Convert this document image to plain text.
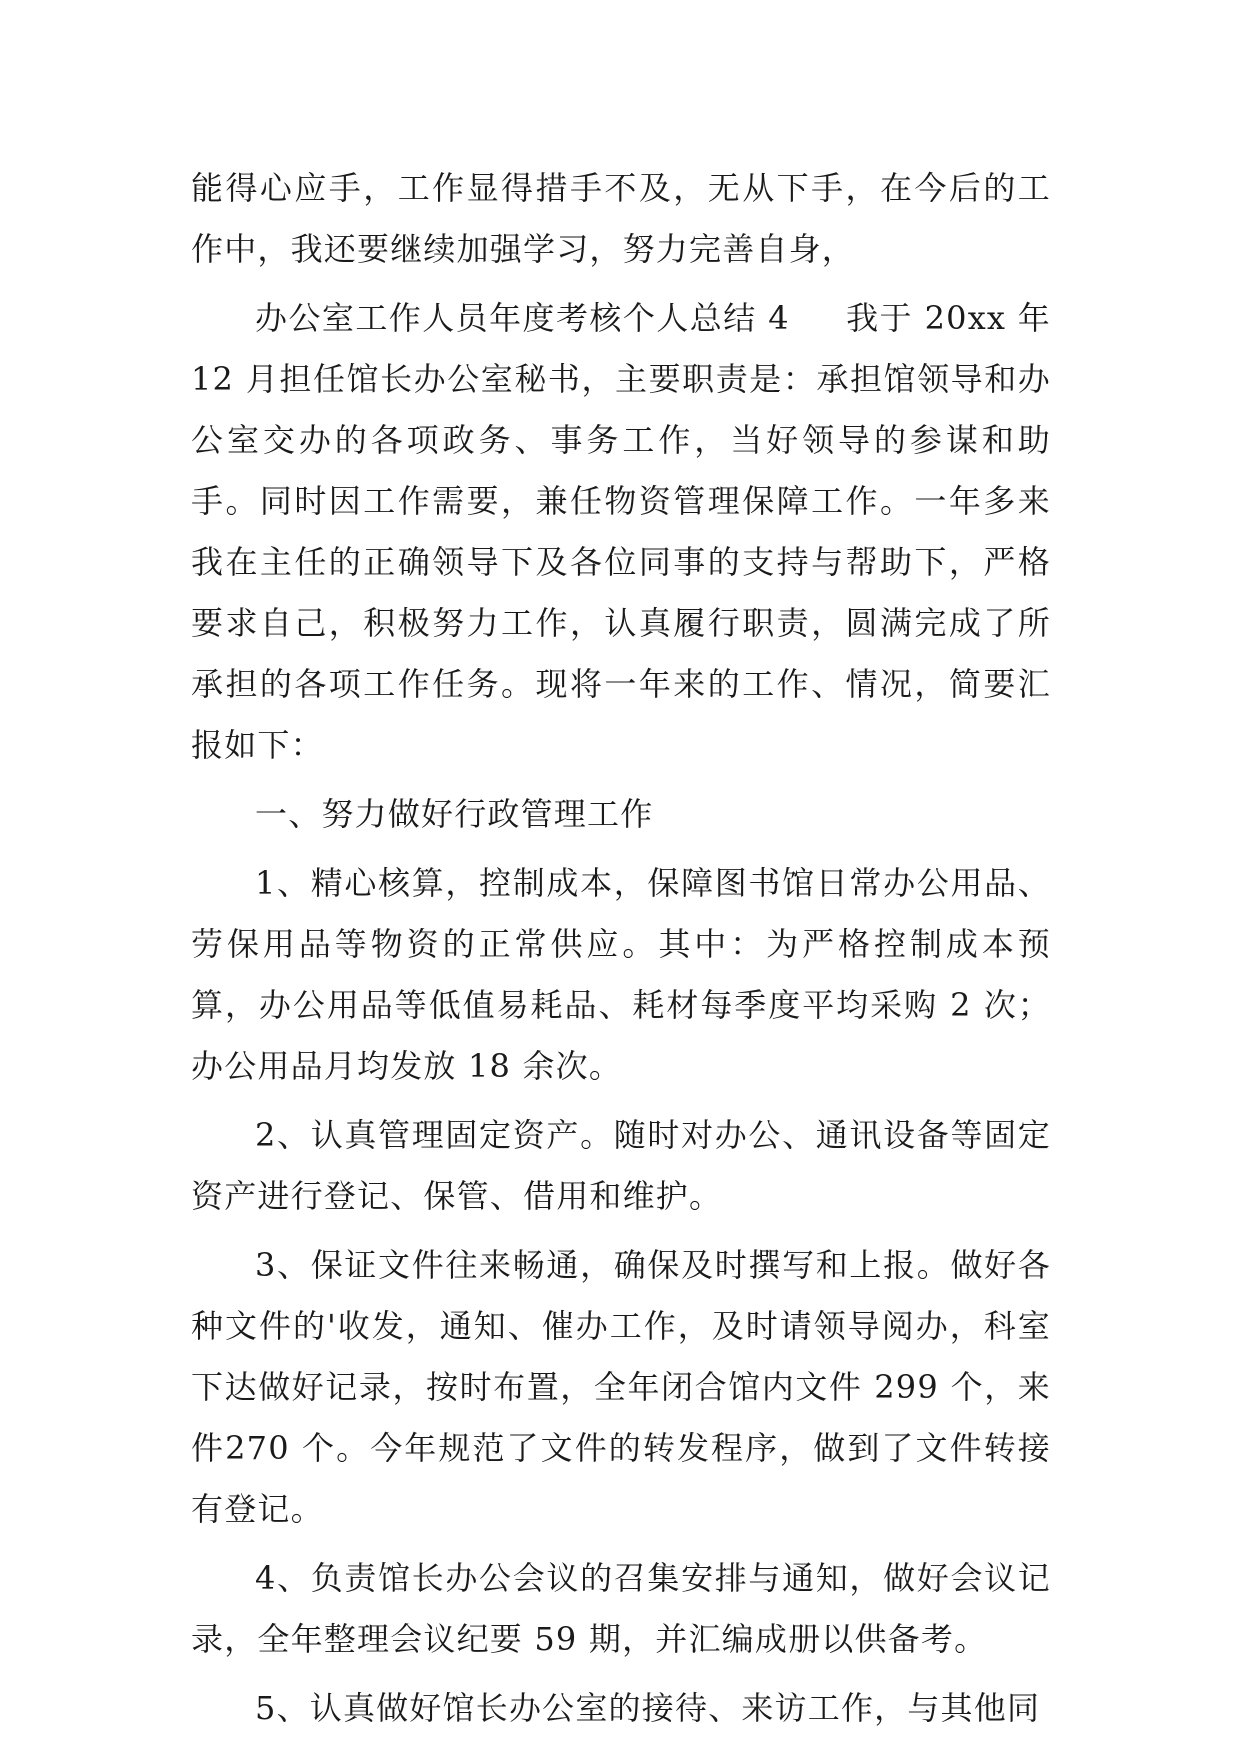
能得心应手，工作显得措手不及，无从下手，在今后的工作中，我还要继续加强学习，努力完善自身，

办公室工作人员年度考核个人总结 4 我于 20xx 年12 月担任馆长办公室秘书，主要职责是：承担馆领导和办公室交办的各项政务、事务工作，当好领导的参谋和助手。同时因工作需要，兼任物资管理保障工作。一年多来我在主任的正确领导下及各位同事的支持与帮助下，严格要求自己，积极努力工作，认真履行职责，圆满完成了所承担的各项工作任务。现将一年来的工作、情况，简要汇报如下：

一、努力做好行政管理工作

1、精心核算，控制成本，保障图书馆日常办公用品、劳保用品等物资的正常供应。其中：为严格控制成本预算，办公用品等低值易耗品、耗材每季度平均采购 2 次；办公用品月均发放 18 余次。

2、认真管理固定资产。随时对办公、通讯设备等固定资产进行登记、保管、借用和维护。

3、保证文件往来畅通，确保及时撰写和上报。做好各种文件的'收发，通知、催办工作，及时请领导阅办，科室下达做好记录，按时布置，全年闭合馆内文件 299 个，来件270 个。今年规范了文件的转发程序，做到了文件转接有登记。

4、负责馆长办公会议的召集安排与通知，做好会议记录，全年整理会议纪要 59 期，并汇编成册以供备考。

5、认真做好馆长办公室的接待、来访工作，与其他同
